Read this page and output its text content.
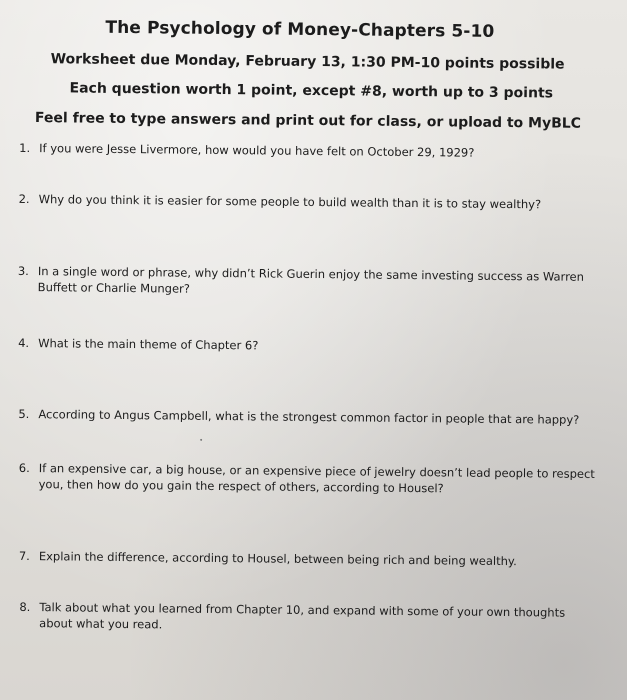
The Psychology of Money-Chapters 5-10
Worksheet due Monday, February 13, 1:30 PM-10 points possible
Each question worth 1 point, except #8, worth up to 3 points
Feel free to type answers and print out for class, or upload to MyBLC
1. If you were Jesse Livermore, how would you have felt on October 29, 1929?
2. Why do you think it is easier for some people to build wealth than it is to stay wealthy?
3. In a single word or phrase, why didn’t Rick Guerin enjoy the same investing success as Warren Buffett or Charlie Munger?
4. What is the main theme of Chapter 6?
5. According to Angus Campbell, what is the strongest common factor in people that are happy?
6. If an expensive car, a big house, or an expensive piece of jewelry doesn’t lead people to respect you, then how do you gain the respect of others, according to Housel?
7. Explain the difference, according to Housel, between being rich and being wealthy.
8. Talk about what you learned from Chapter 10, and expand with some of your own thoughts about what you read.
